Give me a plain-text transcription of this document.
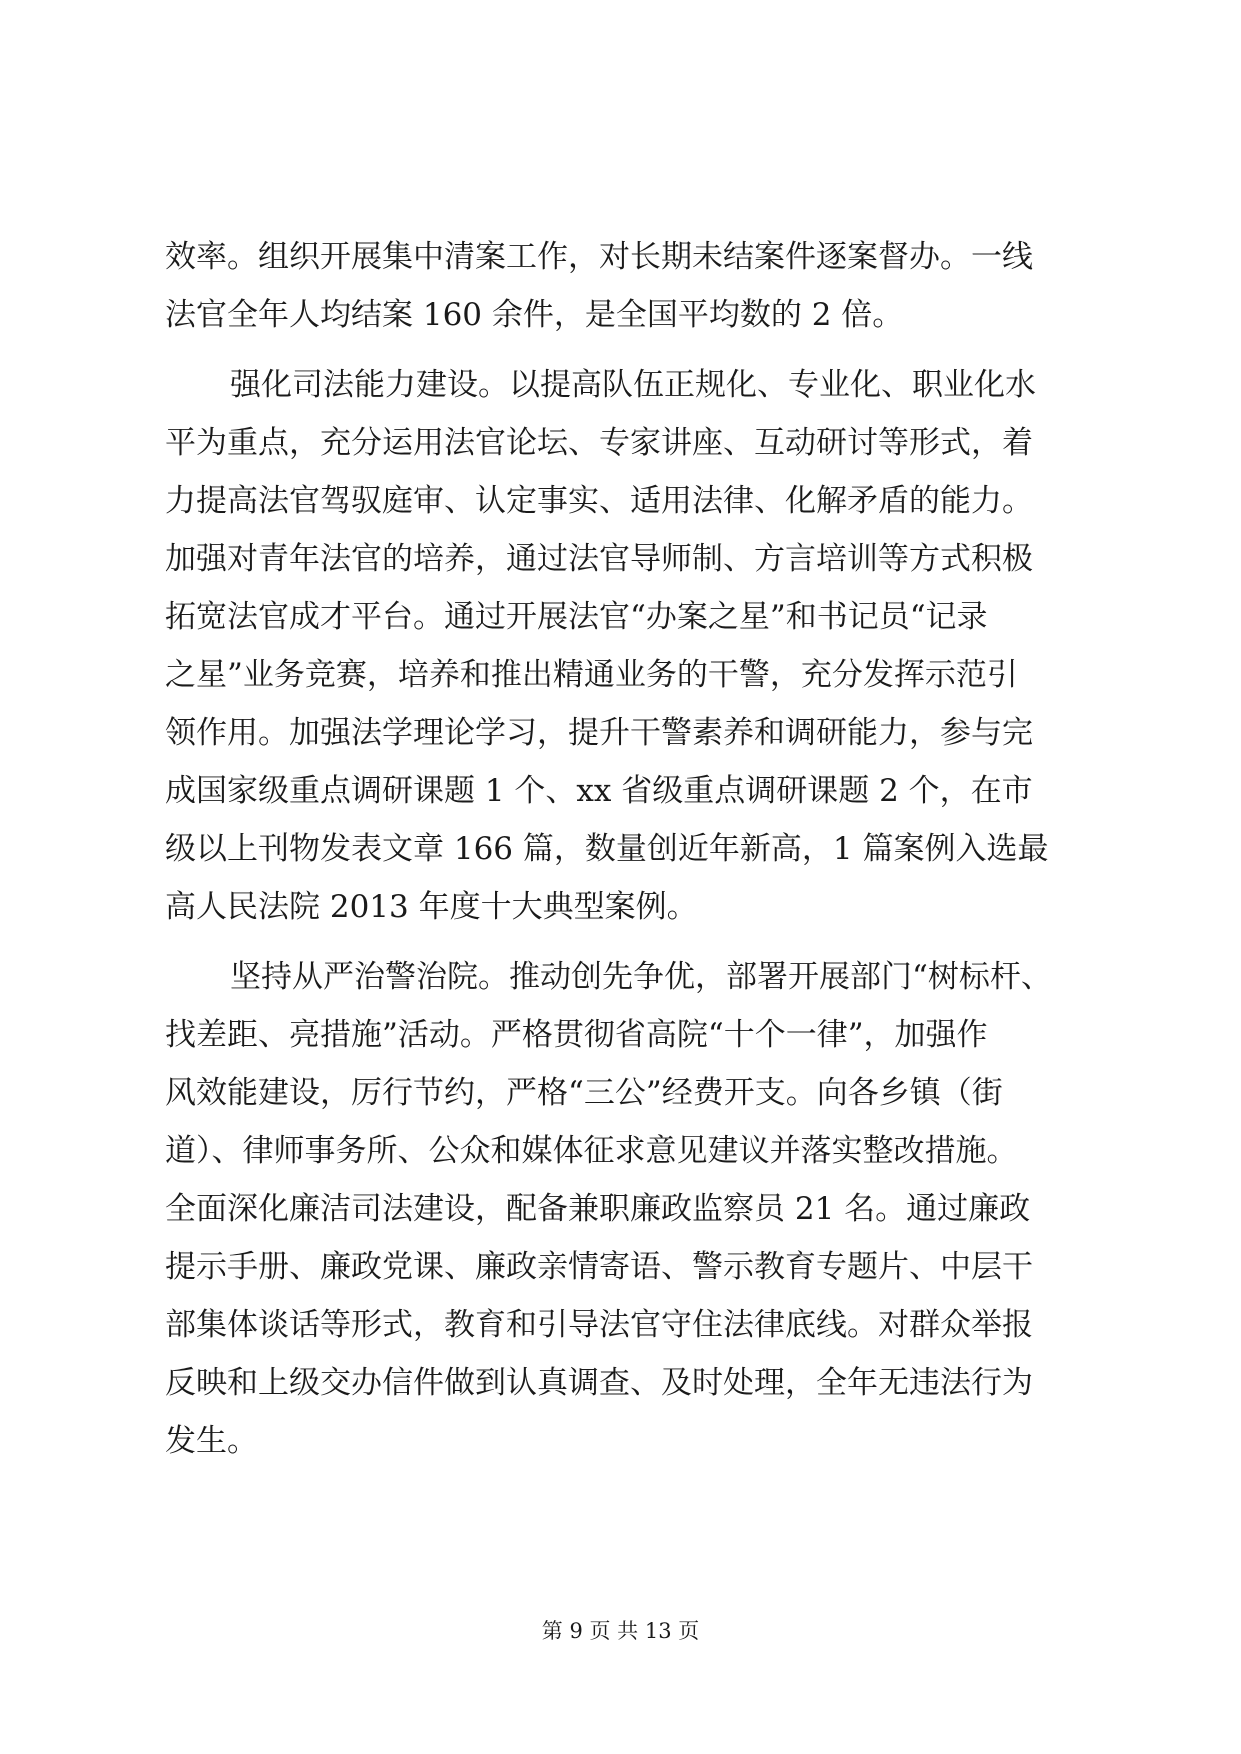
效率。组织开展集中清案工作，对长期未结案件逐案督办。一线
法官全年人均结案 160 余件，是全国平均数的 2 倍。
强化司法能力建设。以提高队伍正规化、专业化、职业化水
平为重点，充分运用法官论坛、专家讲座、互动研讨等形式，着
力提高法官驾驭庭审、认定事实、适用法律、化解矛盾的能力。
加强对青年法官的培养，通过法官导师制、方言培训等方式积极
拓宽法官成才平台。通过开展法官“办案之星”和书记员“记录
之星”业务竞赛，培养和推出精通业务的干警，充分发挥示范引
领作用。加强法学理论学习，提升干警素养和调研能力，参与完
成国家级重点调研课题 1 个、xx 省级重点调研课题 2 个，在市
级以上刊物发表文章 166 篇，数量创近年新高，1 篇案例入选最
高人民法院 2013 年度十大典型案例。
坚持从严治警治院。推动创先争优，部署开展部门“树标杆、
找差距、亮措施”活动。严格贯彻省高院“十个一律”，加强作
风效能建设，厉行节约，严格“三公”经费开支。向各乡镇（街
道）、律师事务所、公众和媒体征求意见建议并落实整改措施。
全面深化廉洁司法建设，配备兼职廉政监察员 21 名。通过廉政
提示手册、廉政党课、廉政亲情寄语、警示教育专题片、中层干
部集体谈话等形式，教育和引导法官守住法律底线。对群众举报
反映和上级交办信件做到认真调查、及时处理，全年无违法行为
发生。
第 9 页 共 13 页
